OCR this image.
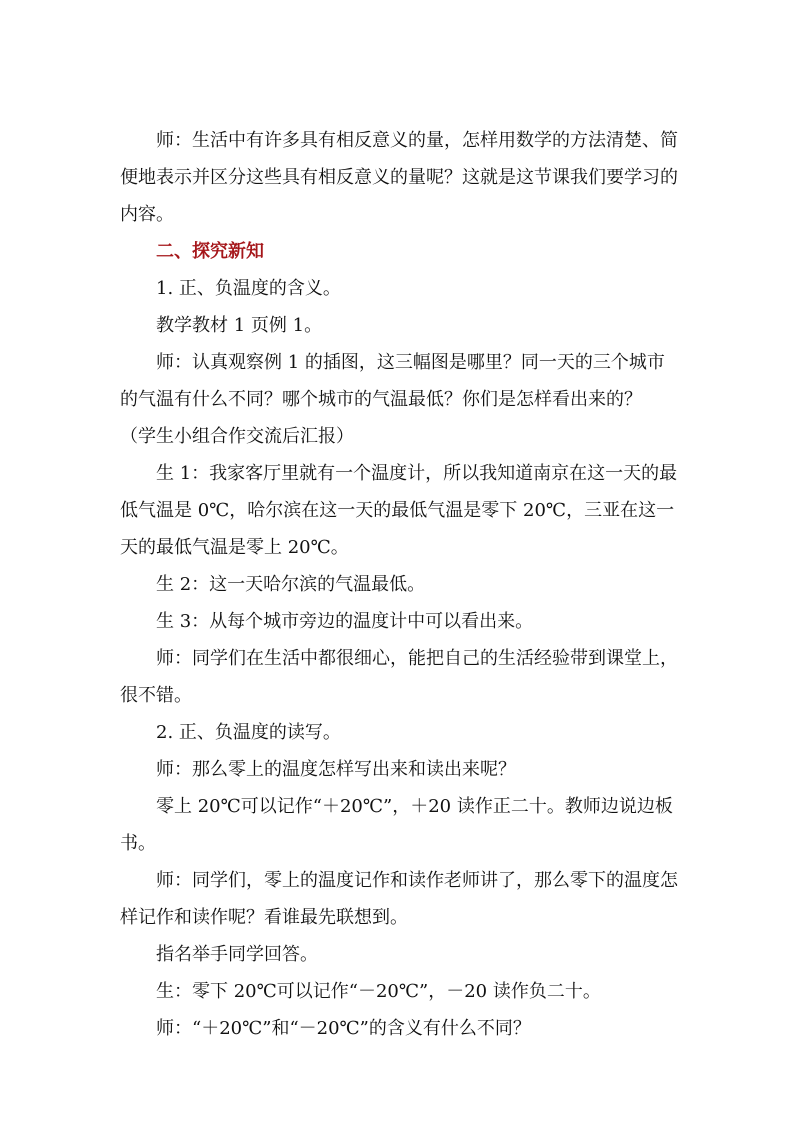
师：生活中有许多具有相反意义的量，怎样用数学的方法清楚、简便地表示并区分这些具有相反意义的量呢？这就是这节课我们要学习的内容。

二、探究新知

1. 正、负温度的含义。

教学教材 1 页例 1。

师：认真观察例 1 的插图，这三幅图是哪里？同一天的三个城市的气温有什么不同？哪个城市的气温最低？你们是怎样看出来的？

（学生小组合作交流后汇报）

生 1：我家客厅里就有一个温度计，所以我知道南京在这一天的最低气温是 0℃，哈尔滨在这一天的最低气温是零下 20℃，三亚在这一天的最低气温是零上 20℃。

生 2：这一天哈尔滨的气温最低。

生 3：从每个城市旁边的温度计中可以看出来。

师：同学们在生活中都很细心，能把自己的生活经验带到课堂上，很不错。

2. 正、负温度的读写。

师：那么零上的温度怎样写出来和读出来呢？

零上 20℃可以记作“＋20℃”，＋20 读作正二十。教师边说边板书。

师：同学们，零上的温度记作和读作老师讲了，那么零下的温度怎样记作和读作呢？看谁最先联想到。

指名举手同学回答。

生：零下 20℃可以记作“－20℃”，－20 读作负二十。

师：“＋20℃”和“－20℃”的含义有什么不同？
